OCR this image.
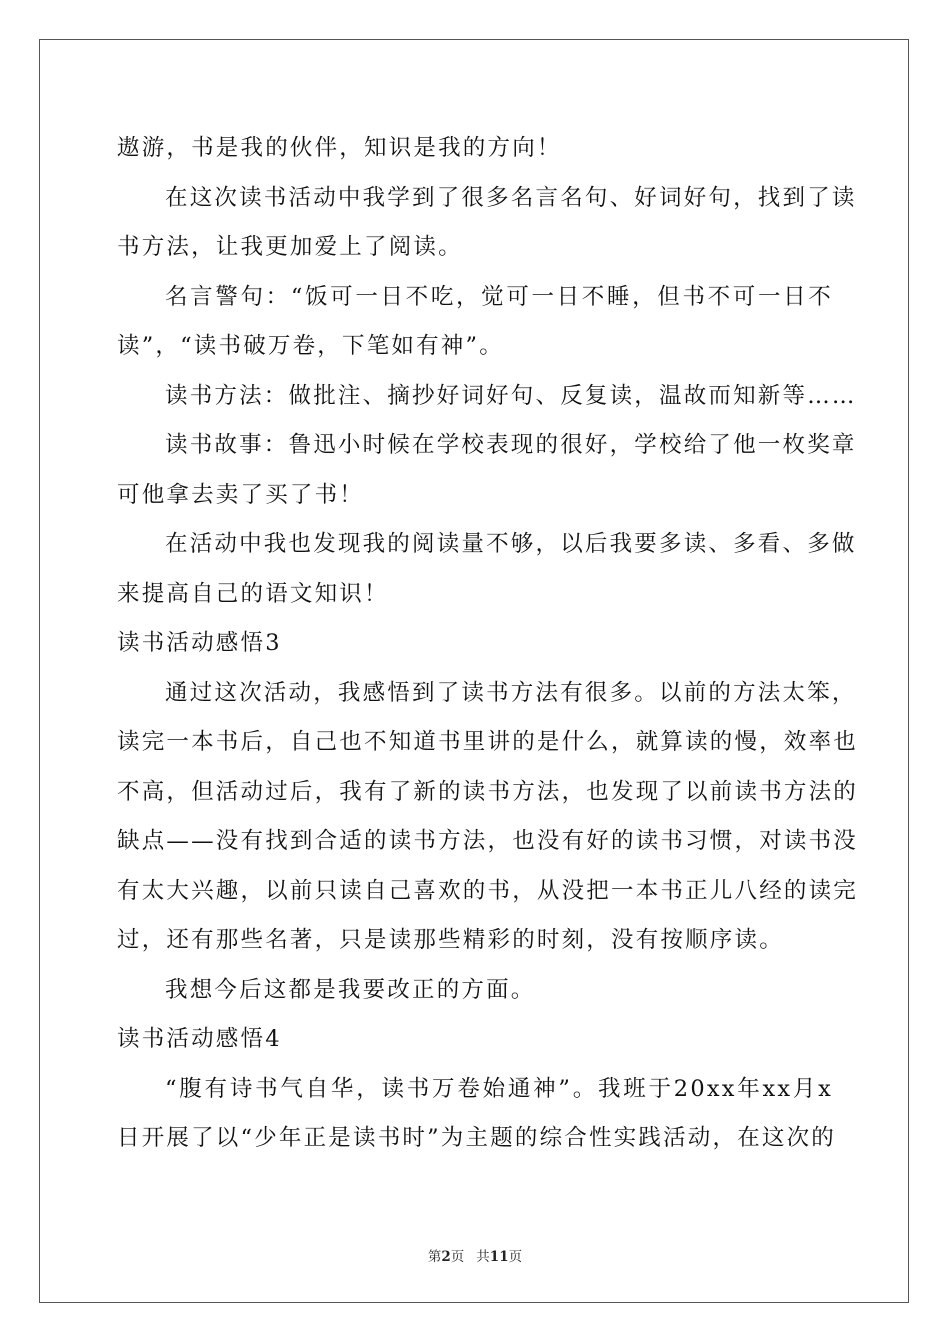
遨游，书是我的伙伴，知识是我的方向！
在这次读书活动中我学到了很多名言名句、好词好句，找到了读
书方法，让我更加爱上了阅读。
名言警句：“饭可一日不吃，觉可一日不睡，但书不可一日不
读”，“读书破万卷，下笔如有神”。
读书方法：做批注、摘抄好词好句、反复读，温故而知新等……
读书故事：鲁迅小时候在学校表现的很好，学校给了他一枚奖章
可他拿去卖了买了书！
在活动中我也发现我的阅读量不够，以后我要多读、多看、多做
来提高自己的语文知识！
读书活动感悟3
通过这次活动，我感悟到了读书方法有很多。以前的方法太笨，
读完一本书后，自己也不知道书里讲的是什么，就算读的慢，效率也
不高，但活动过后，我有了新的读书方法，也发现了以前读书方法的
缺点——没有找到合适的读书方法，也没有好的读书习惯，对读书没
有太大兴趣，以前只读自己喜欢的书，从没把一本书正儿八经的读完
过，还有那些名著，只是读那些精彩的时刻，没有按顺序读。
我想今后这都是我要改正的方面。
读书活动感悟4
“腹有诗书气自华，读书万卷始通神”。我班于20xx年xx月x
日开展了以“少年正是读书时”为主题的综合性实践活动，在这次的
第2页 共11页
